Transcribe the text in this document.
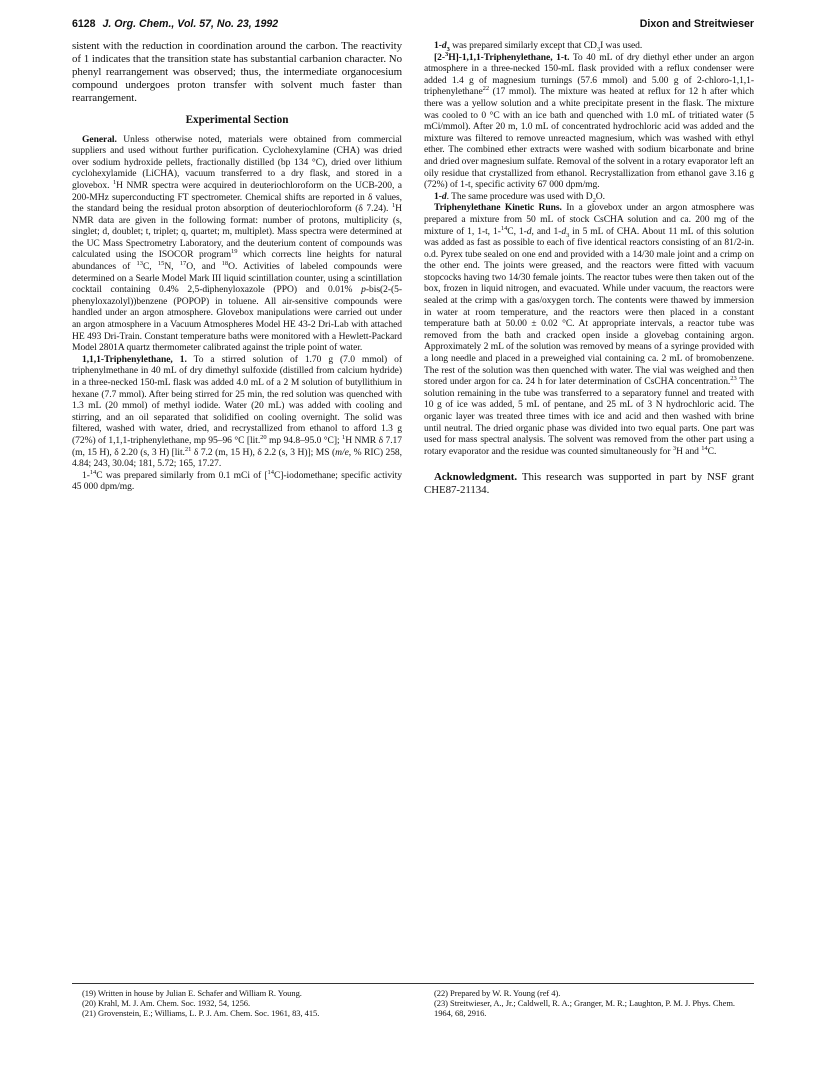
6128 J. Org. Chem., Vol. 57, No. 23, 1992	Dixon and Streitwieser

sistent with the reduction in coordination around the carbon. The reactivity of 1 indicates that the transition state has substantial carbanion character. No phenyl rearrangement was observed; thus, the intermediate organocesium compound undergoes proton transfer with solvent much faster than rearrangement.

Experimental Section

General. Unless otherwise noted, materials were obtained from commercial suppliers and used without further purification. Cyclohexylamine (CHA) was dried over sodium hydroxide pellets, fractionally distilled (bp 134 °C), dried over lithium cyclohexylamide (LiCHA), vacuum transferred to a dry flask, and stored in a glovebox. $^1$H NMR spectra were acquired in deuteriochloroform on the UCB-200, a 200-MHz superconducting FT spectrometer. Chemical shifts are reported in δ values, the standard being the residual proton absorption of deuteriochloroform (δ 7.24). $^1$H NMR data are given in the following format: number of protons, multiplicity (s, singlet; d, doublet; t, triplet; q, quartet; m, multiplet). Mass spectra were determined at the UC Mass Spectrometry Laboratory, and the deuterium content of compounds was calculated using the ISOCOR program$^{19}$ which corrects line heights for natural abundances of $^{13}$C, $^{15}$N, $^{17}$O, and $^{18}$O. Activities of labeled compounds were determined on a Searle Model Mark III liquid scintillation counter, using a scintillation cocktail containing 0.4% 2,5-diphenyloxazole (PPO) and 0.01% p-bis(2-(5-phenyloxazolyl))benzene (POPOP) in toluene. All air-sensitive compounds were handled under an argon atmosphere. Glovebox manipulations were carried out under an argon atmosphere in a Vacuum Atmospheres Model HE 43-2 Dri-Lab with attached HE 493 Dri-Train. Constant temperature baths were monitored with a Hewlett-Packard Model 2801A quartz thermometer calibrated against the triple point of water.

1,1,1-Triphenylethane, 1. To a stirred solution of 1.70 g (7.0 mmol) of triphenylmethane in 40 mL of dry dimethyl sulfoxide (distilled from calcium hydride) in a three-necked 150-mL flask was added 4.0 mL of a 2 M solution of butyllithium in hexane (7.7 mmol). After being stirred for 25 min, the red solution was quenched with 1.3 mL (20 mmol) of methyl iodide. Water (20 mL) was added with cooling and stirring, and an oil separated that solidified on cooling overnight. The solid was filtered, washed with water, dried, and recrystallized from ethanol to afford 1.3 g (72%) of 1,1,1-triphenylethane, mp 95–96 °C [lit.$^{20}$ mp 94.8–95.0 °C]; $^1$H NMR δ 7.17 (m, 15 H), δ 2.20 (s, 3 H) [lit.$^{21}$ δ 7.2 (m, 15 H), δ 2.2 (s, 3 H)]; MS (m/e, % RIC) 258, 4.84; 243, 30.04; 181, 5.72; 165, 17.27.

1-$^{14}$C was prepared similarly from 0.1 mCi of [$^{14}$C]-iodomethane; specific activity 45 000 dpm/mg.

$1-d_3$ was prepared similarly except that $CD_3I$ was used.

[2-$^3$H]-1,1,1-Triphenylethane, 1-t. To 40 mL of dry diethyl ether under an argon atmosphere in a three-necked 150-mL flask provided with a reflux condenser were added 1.4 g of magnesium turnings (57.6 mmol) and 5.00 g of 2-chloro-1,1,1-triphenylethane$^{22}$ (17 mmol). The mixture was heated at reflux for 12 h after which there was a yellow solution and a white precipitate present in the flask. The mixture was cooled to 0 °C with an ice bath and quenched with 1.0 mL of tritiated water (5 mCi/mmol). After 20 m, 1.0 mL of concentrated hydrochloric acid was added and the mixture was filtered to remove unreacted magnesium, which was washed with ethyl ether. The combined ether extracts were washed with sodium bicarbonate and brine and dried over magnesium sulfate. Removal of the solvent in a rotary evaporator left an oily residue that crystallized from ethanol. Recrystallization from ethanol gave 3.16 g (72%) of 1-t, specific activity 67 000 dpm/mg.

1-d. The same procedure was used with $D_2O$.

Triphenylethane Kinetic Runs. In a glovebox under an argon atmosphere was prepared a mixture from 50 mL of stock CsCHA solution and ca. 200 mg of the mixture of 1, 1-t, 1-$^{14}$C, 1-d, and $1-d_3$ in 5 mL of CHA. About 11 mL of this solution was added as fast as possible to each of five identical reactors consisting of an 81/2-in. o.d. Pyrex tube sealed on one end and provided with a 14/30 male joint and a crimp on the other end. The joints were greased, and the reactors were fitted with vacuum stopcocks having two 14/30 female joints. The reactor tubes were then taken out of the box, frozen in liquid nitrogen, and evacuated. While under vacuum, the reactors were sealed at the crimp with a gas/oxygen torch. The contents were thawed by immersion in water at room temperature, and the reactors were then placed in a constant temperature bath at 50.00 ± 0.02 °C. At appropriate intervals, a reactor tube was removed from the bath and cracked open inside a glovebag containing argon. Approximately 2 mL of the solution was removed by means of a syringe provided with a long needle and placed in a preweighed vial containing ca. 2 mL of bromobenzene. The rest of the solution was then quenched with water. The vial was weighed and then stored under argon for ca. 24 h for later determination of CsCHA concentration.$^{23}$ The solution remaining in the tube was transferred to a separatory funnel and treated with 10 g of ice was added, 5 mL of pentane, and 25 mL of 3 N hydrochloric acid. The organic layer was treated three times with ice and acid and then washed with brine until neutral. The dried organic phase was divided into two equal parts. One part was used for mass spectral analysis. The solvent was removed from the other part using a rotary evaporator and the residue was counted simultaneously for $^3$H and $^{14}$C.

Acknowledgment. This research was supported in part by NSF grant CHE87-21134.

(19) Written in house by Julian E. Schafer and William R. Young.

(20) Krahl, M. J. Am. Chem. Soc. 1932, 54, 1256.

(21) Grovenstein, E.; Williams, L. P. J. Am. Chem. Soc. 1961, 83, 415.

(22) Prepared by W. R. Young (ref 4).

(23) Streitwieser, A., Jr.; Caldwell, R. A.; Granger, M. R.; Laughton, P. M. J. Phys. Chem. 1964, 68, 2916.
